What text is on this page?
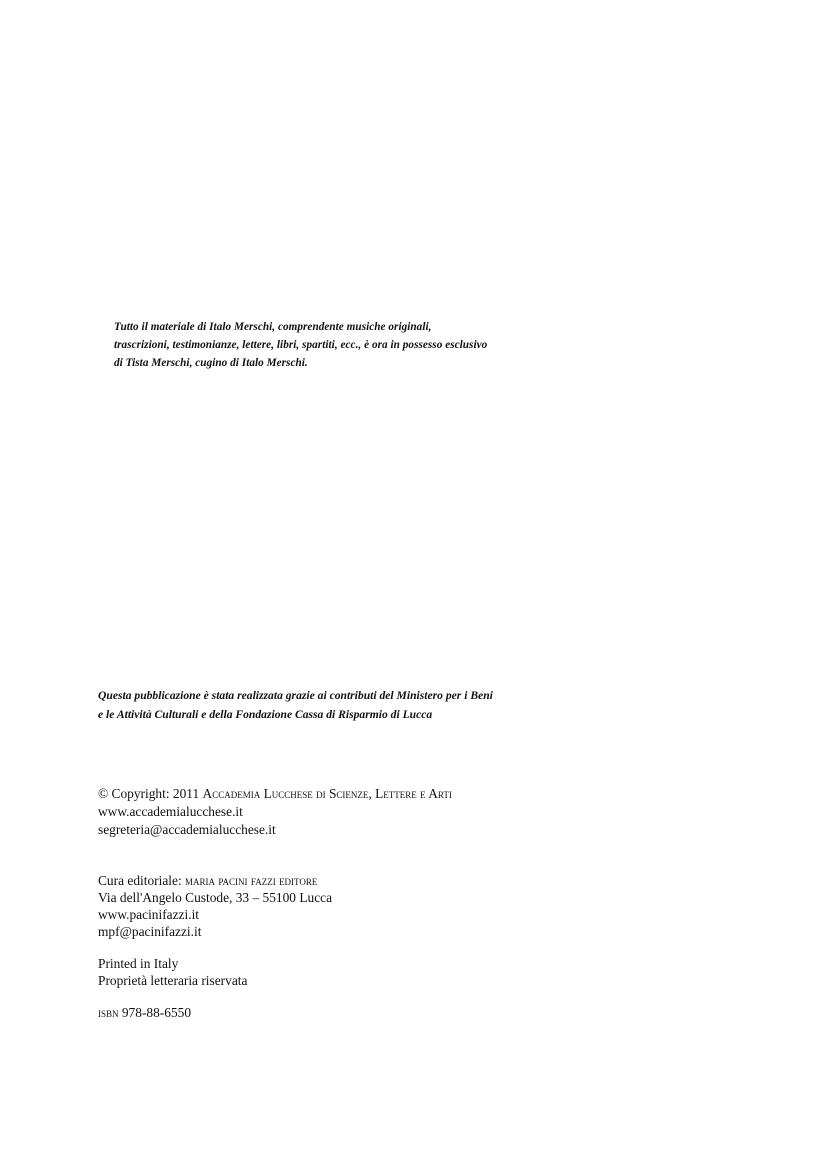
Tutto il materiale di Italo Merschi, comprendente musiche originali,
trascrizioni, testimonianze, lettere, libri, spartiti, ecc., è ora in possesso esclusivo
di Tista Merschi, cugino di Italo Merschi.

Questa pubblicazione è stata realizzata grazie ai contributi del Ministero per i Beni
e le Attività Culturali e della Fondazione Cassa di Risparmio di Lucca

© Copyright: 2011 Accademia Lucchese di Scienze, Lettere e Arti
www.accademialucchese.it
segreteria@accademialucchese.it
Cura editoriale: maria pacini fazzi editore
Via dell'Angelo Custode, 33 – 55100 Lucca
www.pacinifazzi.it
mpf@pacinifazzi.it
Printed in Italy
Proprietà letteraria riservata
isbn 978-88-6550
